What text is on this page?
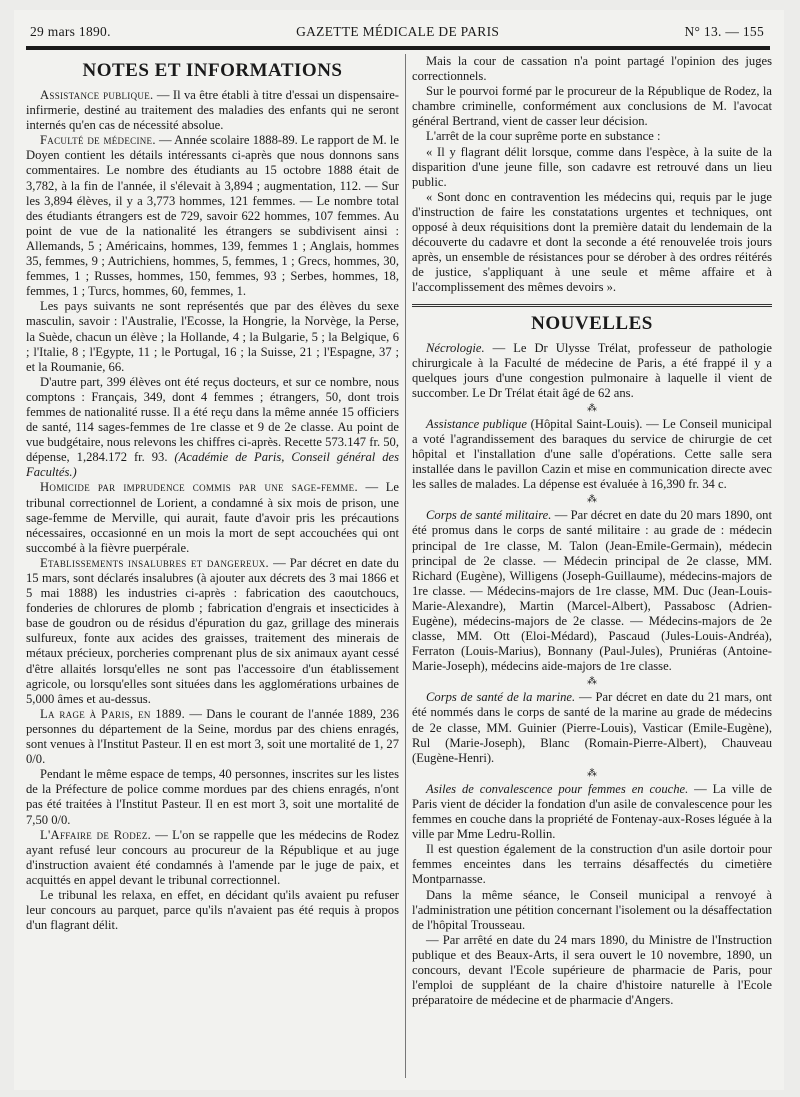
29 mars 1890.	GAZETTE MÉDICALE DE PARIS	N° 13. — 155
NOTES ET INFORMATIONS

Assistance publique. — Il va être établi à titre d'essai un dispensaire-infirmerie, destiné au traitement des maladies des enfants qui ne seront internés qu'en cas de nécessité absolue.

Faculté de médecine. — Année scolaire 1888-89. Le rapport de M. le Doyen contient les détails intéressants ci-après que nous donnons sans commentaires. Le nombre des étudiants au 15 octobre 1888 était de 3,782, à la fin de l'année, il s'élevait à 3,894 ; augmentation, 112. — Sur les 3,894 élèves, il y a 3,773 hommes, 121 femmes. — Le nombre total des étudiants étrangers est de 729, savoir 622 hommes, 107 femmes. Au point de vue de la nationalité les étrangers se subdivisent ainsi : Allemands, 5 ; Américains, hommes, 139, femmes 1 ; Anglais, hommes 35, femmes, 9 ; Autrichiens, hommes, 5, femmes, 1 ; Grecs, hommes, 30, femmes, 1 ; Russes, hommes, 150, femmes, 93 ; Serbes, hommes, 18, femmes, 1 ; Turcs, hommes, 60, femmes, 1.

Les pays suivants ne sont représentés que par des élèves du sexe masculin, savoir : l'Australie, l'Ecosse, la Hongrie, la Norvège, la Perse, la Suède, chacun un élève ; la Hollande, 4 ; la Bulgarie, 5 ; la Belgique, 6 ; l'Italie, 8 ; l'Egypte, 11 ; le Portugal, 16 ; la Suisse, 21 ; l'Espagne, 37 ; et la Roumanie, 66.

D'autre part, 399 élèves ont été reçus docteurs, et sur ce nombre, nous comptons : Français, 349, dont 4 femmes ; étrangers, 50, dont trois femmes de nationalité russe. Il a été reçu dans la même année 15 officiers de santé, 114 sages-femmes de 1re classe et 9 de 2e classe. Au point de vue budgétaire, nous relevons les chiffres ci-après. Recette 573.147 fr. 50, dépense, 1,284.172 fr. 93. (Académie de Paris, Conseil général des Facultés.)

Homicide par imprudence commis par une sage-femme. — Le tribunal correctionnel de Lorient, a condamné à six mois de prison, une sage-femme de Merville, qui aurait, faute d'avoir pris les précautions nécessaires, occasionné en un mois la mort de sept accouchées qui ont succombé à la fièvre puerpérale.

Etablissements insalubres et dangereux. — Par décret en date du 15 mars, sont déclarés insalubres (à ajouter aux décrets des 3 mai 1866 et 5 mai 1888) les industries ci-après : fabrication des caoutchoucs, fonderies de chlorures de plomb ; fabrication d'engrais et insecticides à base de goudron ou de résidus d'épuration du gaz, grillage des minerais sulfureux, fonte aux acides des graisses, traitement des minerais de métaux précieux, porcheries comprenant plus de six animaux ayant cessé d'être allaités lorsqu'elles ne sont pas l'accessoire d'un établissement agricole, ou lorsqu'elles sont situées dans les agglomérations urbaines de 5,000 âmes et au-dessus.

La rage à Paris, en 1889. — Dans le courant de l'année 1889, 236 personnes du département de la Seine, mordus par des chiens enragés, sont venues à l'Institut Pasteur. Il en est mort 3, soit une mortalité de 1, 27 0/0.

Pendant le même espace de temps, 40 personnes, inscrites sur les listes de la Préfecture de police comme mordues par des chiens enragés, n'ont pas été traitées à l'Institut Pasteur. Il en est mort 3, soit une mortalité de 7,50 0/0.

L'Affaire de Rodez. — L'on se rappelle que les médecins de Rodez ayant refusé leur concours au procureur de la République et au juge d'instruction avaient été condamnés à l'amende par le juge de paix, et acquittés en appel devant le tribunal correctionnel.

Le tribunal les relaxa, en effet, en décidant qu'ils avaient pu refuser leur concours au parquet, parce qu'ils n'avaient pas été requis à propos d'un flagrant délit.

Mais la cour de cassation n'a point partagé l'opinion des juges correctionnels.

Sur le pourvoi formé par le procureur de la République de Rodez, la chambre criminelle, conformément aux conclusions de M. l'avocat général Bertrand, vient de casser leur décision.

L'arrêt de la cour suprême porte en substance :

« Il y flagrant délit lorsque, comme dans l'espèce, à la suite de la disparition d'une jeune fille, son cadavre est retrouvé dans un lieu public.

« Sont donc en contravention les médecins qui, requis par le juge d'instruction de faire les constatations urgentes et techniques, ont opposé à deux réquisitions dont la première datait du lendemain de la découverte du cadavre et dont la seconde a été renouvelée trois jours après, un ensemble de résistances pour se dérober à des ordres réitérés de justice, s'appliquant à une seule et même affaire et à l'accomplissement des mêmes devoirs ».

NOUVELLES

Nécrologie. — Le Dr Ulysse Trélat, professeur de pathologie chirurgicale à la Faculté de médecine de Paris, a été frappé il y a quelques jours d'une congestion pulmonaire à laquelle il vient de succomber. Le Dr Trélat était âgé de 62 ans.

⁂

Assistance publique (Hôpital Saint-Louis). — Le Conseil municipal a voté l'agrandissement des baraques du service de chirurgie de cet hôpital et l'installation d'une salle d'opérations. Cette salle sera installée dans le pavillon Cazin et mise en communication directe avec les salles de malades. La dépense est évaluée à 16,390 fr. 34 c.

⁂

Corps de santé militaire. — Par décret en date du 20 mars 1890, ont été promus dans le corps de santé militaire : au grade de : médecin principal de 1re classe, M. Talon (Jean-Emile-Germain), médecin principal de 2e classe. — Médecin principal de 2e classe, MM. Richard (Eugène), Willigens (Joseph-Guillaume), médecins-majors de 1re classe. — Médecins-majors de 1re classe, MM. Duc (Jean-Louis-Marie-Alexandre), Martin (Marcel-Albert), Passabosc (Adrien-Eugène), médecins-majors de 2e classe. — Médecins-majors de 2e classe, MM. Ott (Eloi-Médard), Pascaud (Jules-Louis-Andréa), Ferraton (Louis-Marius), Bonnany (Paul-Jules), Pruniéras (Antoine-Marie-Joseph), médecins aide-majors de 1re classe.

⁂

Corps de santé de la marine. — Par décret en date du 21 mars, ont été nommés dans le corps de santé de la marine au grade de médecins de 2e classe, MM. Guinier (Pierre-Louis), Vasticar (Emile-Eugène), Rul (Marie-Joseph), Blanc (Romain-Pierre-Albert), Chauveau (Eugène-Henri).

⁂

Asiles de convalescence pour femmes en couche. — La ville de Paris vient de décider la fondation d'un asile de convalescence pour les femmes en couche dans la propriété de Fontenay-aux-Roses léguée à la ville par Mme Ledru-Rollin.

Il est question également de la construction d'un asile dortoir pour femmes enceintes dans les terrains désaffectés du cimetière Montparnasse.

Dans la même séance, le Conseil municipal a renvoyé à l'administration une pétition concernant l'isolement ou la désaffectation de l'hôpital Trousseau.

— Par arrêté en date du 24 mars 1890, du Ministre de l'Instruction publique et des Beaux-Arts, il sera ouvert le 10 novembre, 1890, un concours, devant l'Ecole supérieure de pharmacie de Paris, pour l'emploi de suppléant de la chaire d'histoire naturelle à l'Ecole préparatoire de médecine et de pharmacie d'Angers.
